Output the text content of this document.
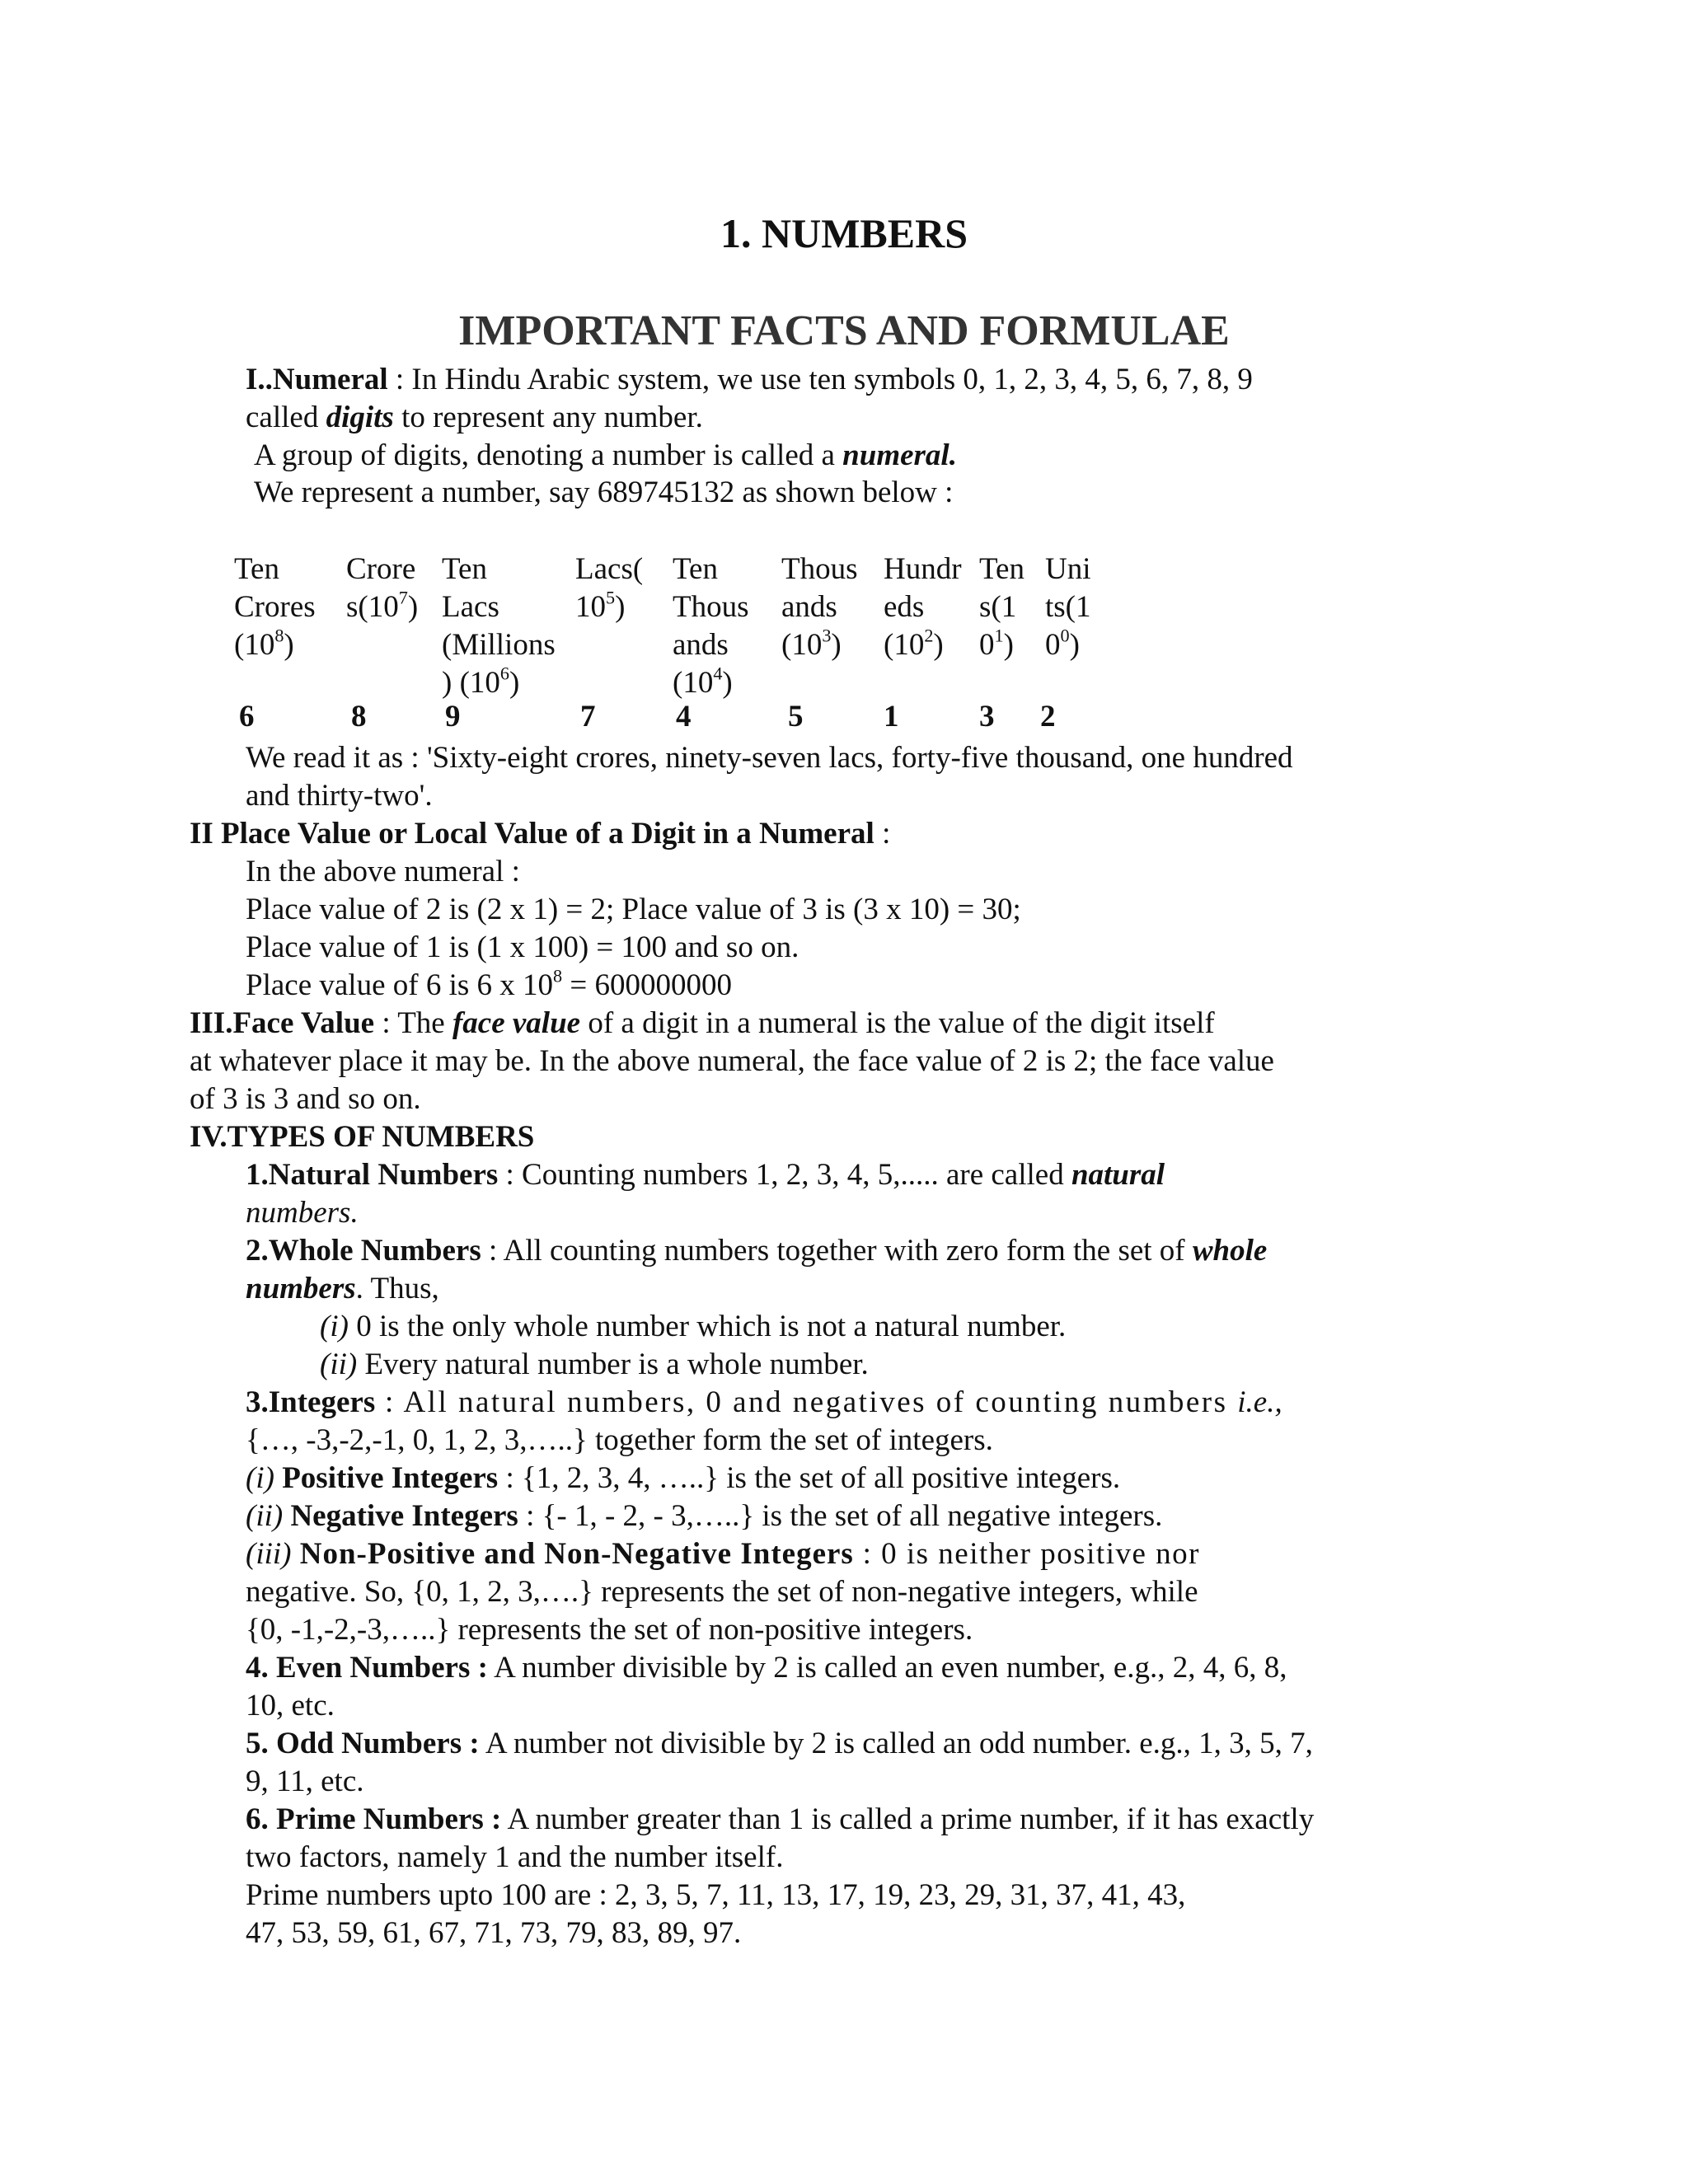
1. NUMBERS
IMPORTANT FACTS AND FORMULAE
I..Numeral : In Hindu Arabic system, we use ten symbols 0, 1, 2, 3, 4, 5, 6, 7, 8, 9
called digits to represent any number.
A group of digits, denoting a number is called a numeral.
We represent a number, say 689745132 as shown below :
Ten
Crores
$(10^8)$
6
Crore
$s(10^7)$
8
Ten
Lacs
(Millions
) $(10^6)$
9
Lacs(
$10^5$)
7
Ten
Thous
ands
$(10^4)$
4
Thous
ands
$(10^3)$
5
Hundr
eds
$(10^2)$
1
Ten
s(1
$0^1$)
3
Uni
ts(1
$0^0$)
2
We read it as : 'Sixty-eight crores, ninety-seven lacs, forty-five thousand, one hundred
and thirty-two'.
II Place Value or Local Value of a Digit in a Numeral :
In the above numeral :
Place value of 2 is (2 x 1) = 2; Place value of 3 is (3 x 10) = 30;
Place value of 1 is (1 x 100) = 100 and so on.
Place value of 6 is 6 x $10^8 = 600000000$
III.Face Value : The face value of a digit in a numeral is the value of the digit itself
at whatever place it may be. In the above numeral, the face value of 2 is 2; the face value
of 3 is 3 and so on.
IV.TYPES OF NUMBERS
1.Natural Numbers : Counting numbers 1, 2, 3, 4, 5,..... are called natural
numbers.
2.Whole Numbers : All counting numbers together with zero form the set of whole
numbers. Thus,
(i) 0 is the only whole number which is not a natural number.
(ii) Every natural number is a whole number.
3.Integers : All natural numbers, 0 and negatives of counting numbers i.e.,
{…, -3,-2,-1, 0, 1, 2, 3,…..} together form the set of integers.
(i) Positive Integers : {1, 2, 3, 4, …..} is the set of all positive integers.
(ii) Negative Integers : {- 1, - 2, - 3,…..} is the set of all negative integers.
(iii) Non-Positive and Non-Negative Integers : 0 is neither positive nor
negative. So, {0, 1, 2, 3,….} represents the set of non-negative integers, while
{0, -1,-2,-3,…..} represents the set of non-positive integers.
4. Even Numbers : A number divisible by 2 is called an even number, e.g., 2, 4, 6, 8,
10, etc.
5. Odd Numbers : A number not divisible by 2 is called an odd number. e.g., 1, 3, 5, 7,
9, 11, etc.
6. Prime Numbers : A number greater than 1 is called a prime number, if it has exactly
two factors, namely 1 and the number itself.
Prime numbers upto 100 are : 2, 3, 5, 7, 11, 13, 17, 19, 23, 29, 31, 37, 41, 43,
47, 53, 59, 61, 67, 71, 73, 79, 83, 89, 97.
